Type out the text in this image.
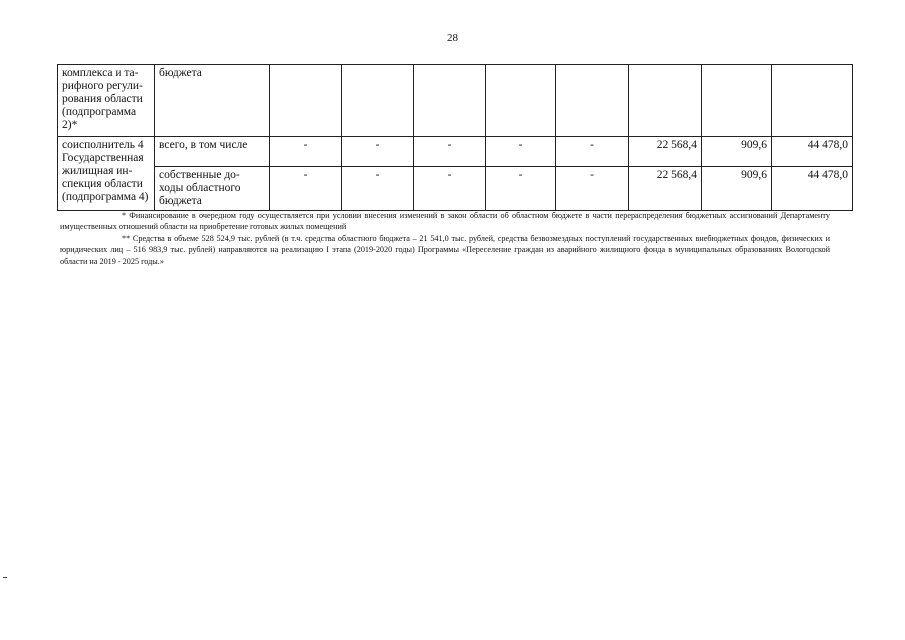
28
комплекса и та-
рифного регули-
рования области
(подпрограмма
2)*	бюджета								
соисполнитель 4
Государственная
жилищная ин-
спекция области
(подпрограмма 4)	всего, в том числе	-	-	-	-	-	22 568,4	909,6	44 478,0
	собственные до-
ходы областного
бюджета	-	-	-	-	-	22 568,4	909,6	44 478,0

* Финансирование в очередном году осуществляется при условии внесения изменений в закон области об областном бюджете в части перераспределения бюджетных ассигнований Департаменту имущественных отношений области на приобретение готовых жилых помещений

** Средства в объеме 528 524,9 тыс. рублей (в т.ч. средства областного бюджета – 21 541,0 тыс. рублей, средства безвозмездных поступлений государственных внебюджетных фондов, физических и юридических лиц – 516 983,9 тыс. рублей) направляются на реализацию I этапа (2019-2020 годы) Программы «Переселение граждан из аварийного жилищного фонда в муниципальных образованиях Вологодской области на 2019 - 2025 годы.»
